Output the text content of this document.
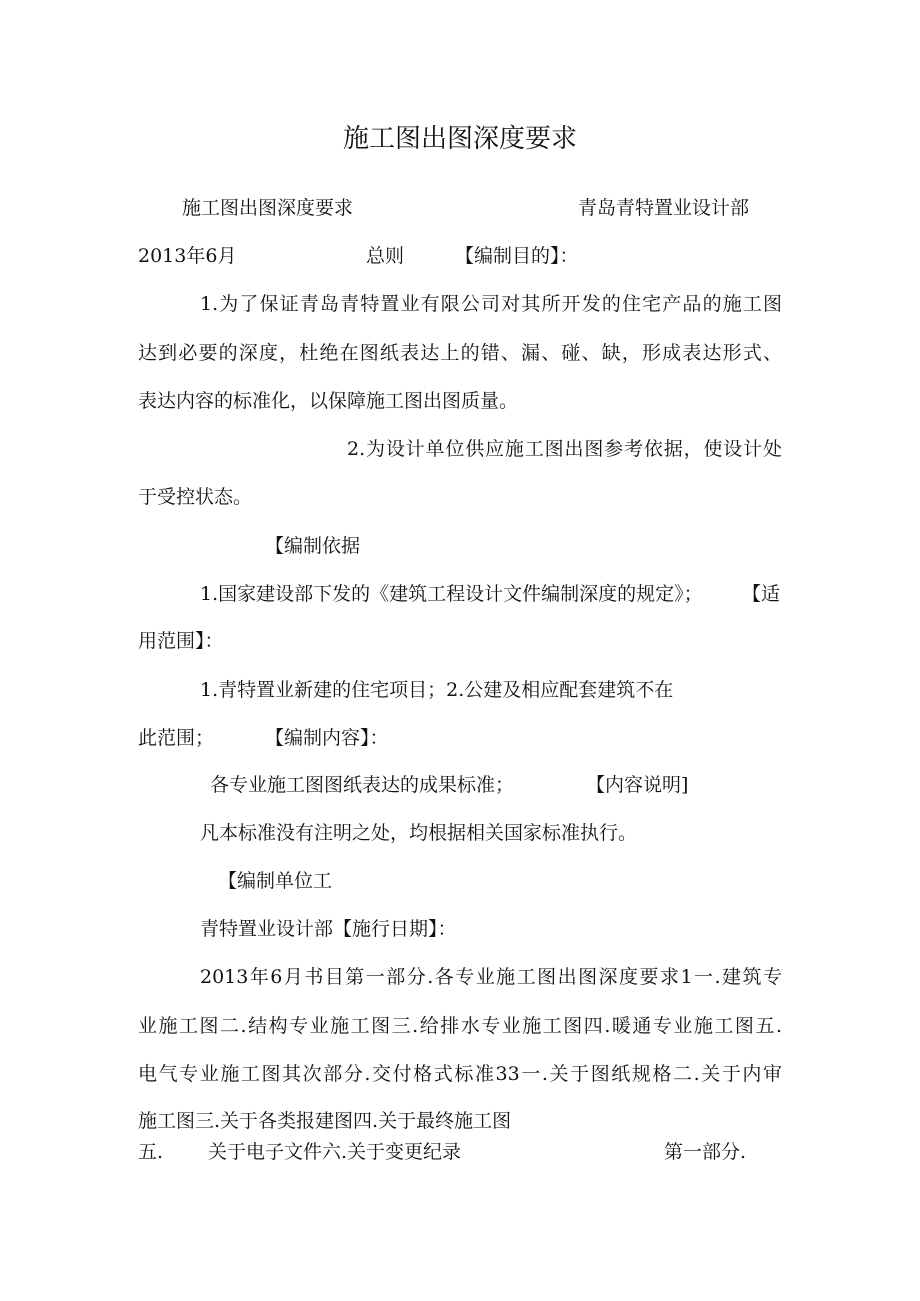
施工图出图深度要求
施工图出图深度要求	青岛青特置业设计部
2013年6月	总则	【编制目的】：
1.为了保证青岛青特置业有限公司对其所开发的住宅产品的施工图
达到必要的深度，杜绝在图纸表达上的错、漏、碰、缺，形成表达形式、
表达内容的标准化，以保障施工图出图质量。
2.为设计单位供应施工图出图参考依据，使设计处
于受控状态。
【编制依据
1.国家建设部下发的《建筑工程设计文件编制深度的规定》； 【适
用范围】：
1.青特置业新建的住宅项目；2.公建及相应配套建筑不在
此范围；	【编制内容】：
各专业施工图图纸表达的成果标准；	【内容说明]
凡本标准没有注明之处，均根据相关国家标准执行。
【编制单位工
青特置业设计部【施行日期】：
2013年6月书目第一部分.各专业施工图出图深度要求1一.建筑专
业施工图二.结构专业施工图三.给排水专业施工图四.暖通专业施工图五.
电气专业施工图其次部分.交付格式标准33一.关于图纸规格二.关于内审
施工图三.关于各类报建图四.关于最终施工图
五. 关于电子文件六.关于变更纪录	第一部分.
